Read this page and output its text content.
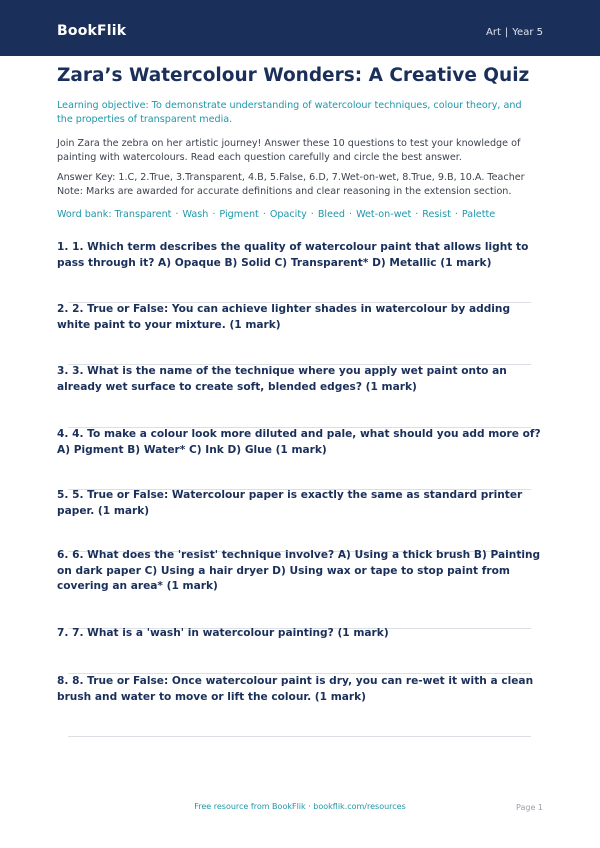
BookFlik	Art | Year 5
Zara’s Watercolour Wonders: A Creative Quiz
Learning objective: To demonstrate understanding of watercolour techniques, colour theory, and the properties of transparent media.
Join Zara the zebra on her artistic journey! Answer these 10 questions to test your knowledge of painting with watercolours. Read each question carefully and circle the best answer.
Answer Key: 1.C, 2.True, 3.Transparent, 4.B, 5.False, 6.D, 7.Wet-on-wet, 8.True, 9.B, 10.A. Teacher Note: Marks are awarded for accurate definitions and clear reasoning in the extension section.
Word bank: Transparent · Wash · Pigment · Opacity · Bleed · Wet-on-wet · Resist · Palette
1. 1. Which term describes the quality of watercolour paint that allows light to pass through it? A) Opaque B) Solid C) Transparent* D) Metallic (1 mark)
2. 2. True or False: You can achieve lighter shades in watercolour by adding white paint to your mixture. (1 mark)
3. 3. What is the name of the technique where you apply wet paint onto an already wet surface to create soft, blended edges? (1 mark)
4. 4. To make a colour look more diluted and pale, what should you add more of? A) Pigment B) Water* C) Ink D) Glue (1 mark)
5. 5. True or False: Watercolour paper is exactly the same as standard printer paper. (1 mark)
6. 6. What does the 'resist' technique involve? A) Using a thick brush B) Painting on dark paper C) Using a hair dryer D) Using wax or tape to stop paint from covering an area* (1 mark)
7. 7. What is a 'wash' in watercolour painting? (1 mark)
8. 8. True or False: Once watercolour paint is dry, you can re-wet it with a clean brush and water to move or lift the colour. (1 mark)
Free resource from BookFlik · bookflik.com/resources	Page 1
